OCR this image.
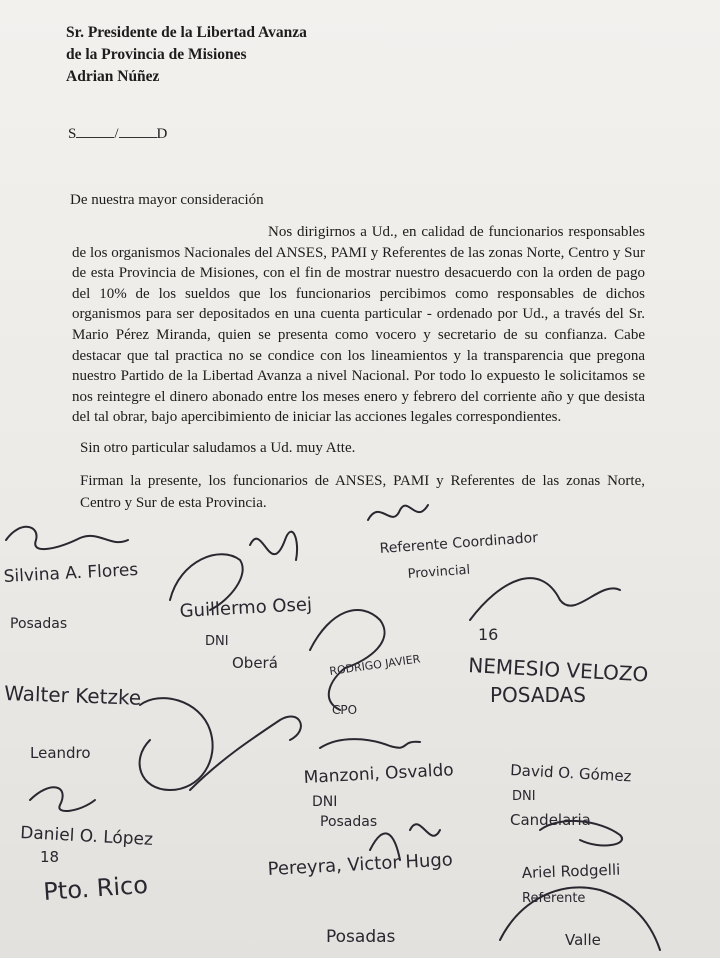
Sr. Presidente de la Libertad Avanza
de la Provincia de Misiones
Adrian Núñez
S	/	D
De nuestra mayor consideración
Nos dirigirnos a Ud., en calidad de funcionarios responsables de los organismos Nacionales del ANSES, PAMI y Referentes de las zonas Norte, Centro y Sur de esta Provincia de Misiones, con el fin de mostrar nuestro desacuerdo con la orden de pago del 10% de los sueldos que los funcionarios percibimos como responsables de dichos organismos para ser depositados en una cuenta particular - ordenado por Ud., a través del Sr. Mario Pérez Miranda, quien se presenta como vocero y secretario de su confianza. Cabe destacar que tal practica no se condice con los lineamientos y la transparencia que pregona nuestro Partido de la Libertad Avanza a nivel Nacional. Por todo lo expuesto le solicitamos se nos reintegre el dinero abonado entre los meses enero y febrero del corriente año y que desista del tal obrar, bajo apercibimiento de iniciar las acciones legales correspondientes.
Sin otro particular saludamos a Ud. muy Atte.
Firman la presente, los funcionarios de ANSES, PAMI y Referentes de las zonas Norte, Centro y Sur de esta Provincia.
Silvina A. Flores
Posadas
Guillermo Osej
DNI
Oberá
Referente Coordinador
Provincial
16
NEMESIO VELOZO
POSADAS
RODRIGO JAVIER
CPO
Walter Ketzke
Leandro
Manzoni, Osvaldo
DNI
Posadas
David O. Gómez
DNI
Candelaria
Daniel O. López
18
Pto. Rico
Pereyra, Victor Hugo
Posadas
Ariel Rodgelli
Referente
Valle
